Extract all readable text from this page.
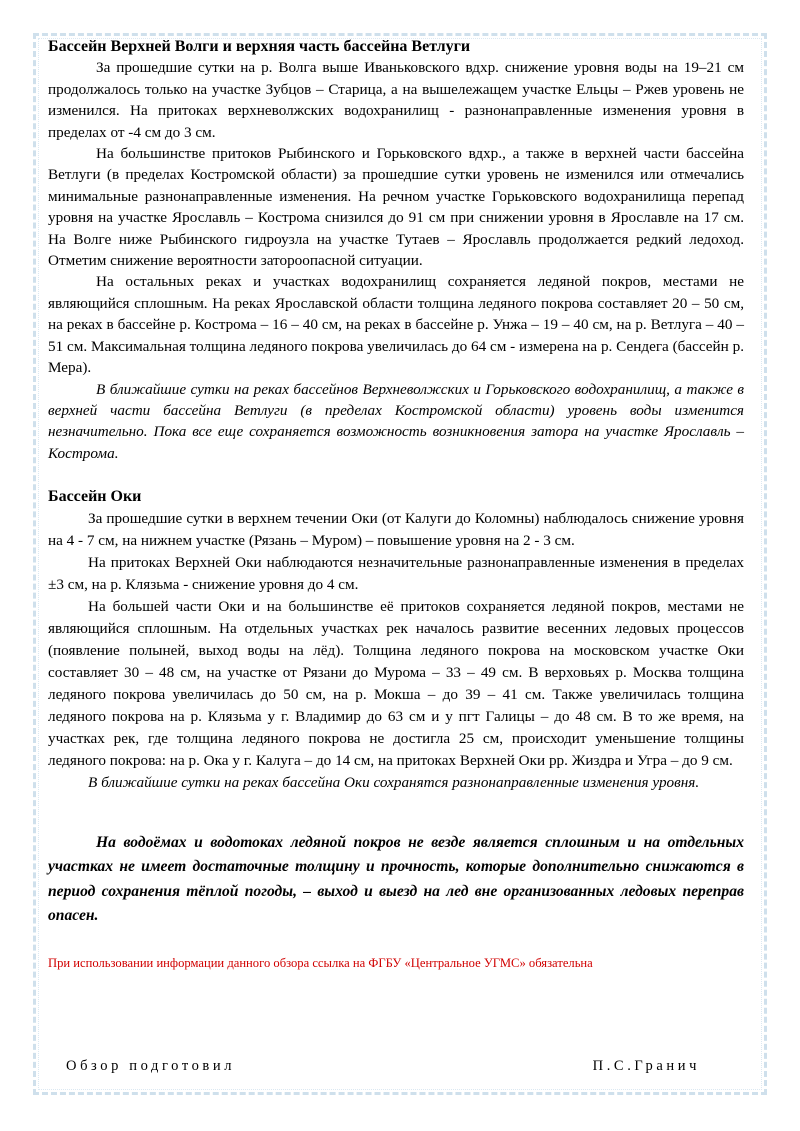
Бассейн Верхней Волги и верхняя часть бассейна Ветлуги

За прошедшие сутки на р. Волга выше Иваньковского вдхр. снижение уровня воды на 19–21 см продолжалось только на участке Зубцов – Старица, а на вышележащем участке Ельцы – Ржев уровень не изменился. На притоках верхневолжских водохранилищ - разнонаправленные изменения уровня в пределах от -4 см до 3 см.

На большинстве притоков Рыбинского и Горьковского вдхр., а также в верхней части бассейна Ветлуги (в пределах Костромской области) за прошедшие сутки уровень не изменился или отмечались минимальные разнонаправленные изменения. На речном участке Горьковского водохранилища перепад уровня на участке Ярославль – Кострома снизился до 91 см при снижении уровня в Ярославле на 17 см. На Волге ниже Рыбинского гидроузла на участке Тутаев – Ярославль продолжается редкий ледоход. Отметим снижение вероятности затороопасной ситуации.

На остальных реках и участках водохранилищ сохраняется ледяной покров, местами не являющийся сплошным. На реках Ярославской области толщина ледяного покрова составляет 20 – 50 см, на реках в бассейне р. Кострома – 16 – 40 см, на реках в бассейне р. Унжа – 19 – 40 см, на р. Ветлуга – 40 – 51 см. Максимальная толщина ледяного покрова увеличилась до 64 см - измерена на р. Сендега (бассейн р. Мера).

В ближайшие сутки на реках бассейнов Верхневолжских и Горьковского водохранилищ, а также в верхней части бассейна Ветлуги (в пределах Костромской области) уровень воды изменится незначительно. Пока все еще сохраняется возможность возникновения затора на участке Ярославль – Кострома.

Бассейн Оки

За прошедшие сутки в верхнем течении Оки (от Калуги до Коломны) наблюдалось снижение уровня на 4 - 7 см, на нижнем участке (Рязань – Муром) – повышение уровня на 2 - 3 см.

На притоках Верхней Оки наблюдаются незначительные разнонаправленные изменения в пределах ±3 см, на р. Клязьма - снижение уровня до 4 см.

На большей части Оки и на большинстве её притоков сохраняется ледяной покров, местами не являющийся сплошным. На отдельных участках рек началось развитие весенних ледовых процессов (появление полыней, выход воды на лёд). Толщина ледяного покрова на московском участке Оки составляет 30 – 48 см, на участке от Рязани до Мурома – 33 – 49 см. В верховьях р. Москва толщина ледяного покрова увеличилась до 50 см, на р. Мокша – до 39 – 41 см. Также увеличилась толщина ледяного покрова на р. Клязьма у г. Владимир до 63 см и у пгт Галицы – до 48 см. В то же время, на участках рек, где толщина ледяного покрова не достигла 25 см, происходит уменьшение толщины ледяного покрова: на р. Ока у г. Калуга – до 14 см, на притоках Верхней Оки рр. Жиздра и Угра – до 9 см.

В ближайшие сутки на реках бассейна Оки сохранятся разнонаправленные изменения уровня.

На водоёмах и водотоках ледяной покров не везде является сплошным и на отдельных участках не имеет достаточные толщину и прочность, которые дополнительно снижаются в период сохранения тёплой погоды, – выход и выезд на лед вне организованных ледовых переправ опасен.

При использовании информации данного обзора ссылка на ФГБУ «Центральное УГМС» обязательна

Обзор подготовил	П.С.Гранич
